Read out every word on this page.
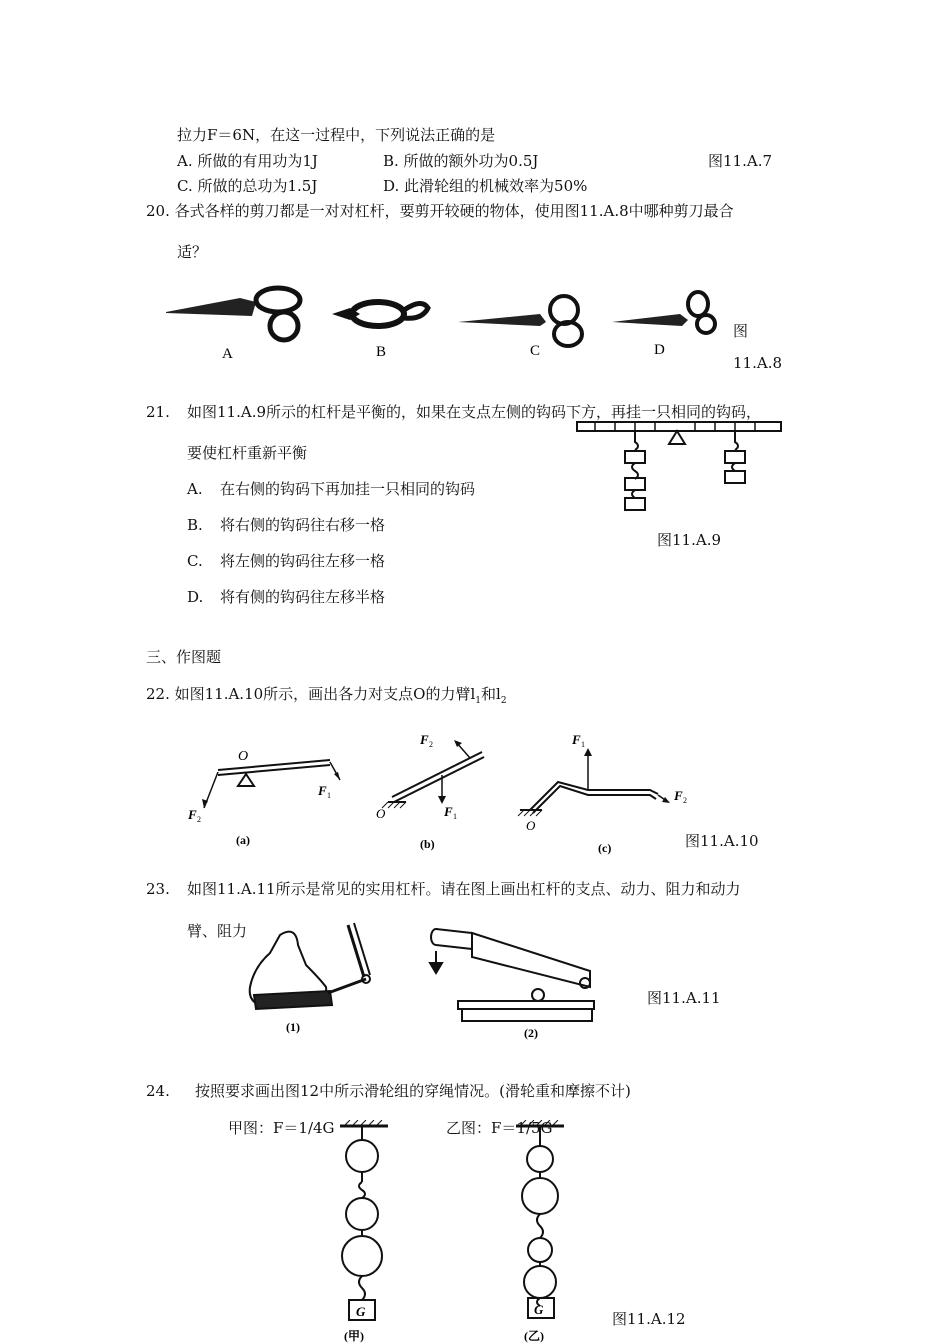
拉力F＝6N，在这一过程中，下列说法正确的是
A. 所做的有用功为1J	B. 所做的额外功为0.5J	图11.A.7
C. 所做的总功为1.5J	D. 此滑轮组的机械效率为50%
20. 各式各样的剪刀都是一对对杠杆，要剪开较硬的物体，使用图11.A.8中哪种剪刀最合
适？
A	B	C	D
图
11.A.8
21. 如图11.A.9所示的杠杆是平衡的，如果在支点左侧的钩码下方，再挂一只相同的钩码，
要使杠杆重新平衡
A. 在右侧的钩码下再加挂一只相同的钩码
B. 将右侧的钩码往右移一格
C. 将左侧的钩码往左移一格
D. 将有侧的钩码往左移半格
图11.A.9
三、作图题
22. 如图11.A.10所示，画出各力对支点O的力臂$l_1$和$l_2$
O
F 1
F 2
(a)
F 2
O	F 1
(b)
F 1
F 2
O
(c)	图11.A.10
23. 如图11.A.11所示是常见的实用杠杆。请在图上画出杠杆的支点、动力、阻力和动力
臂、阻力
(1)	(2)
图11.A.11
24. 按照要求画出图12中所示滑轮组的穿绳情况。(滑轮重和摩擦不计)
甲图：F＝1/4G	乙图：F＝1/5G
G
(甲)
G
(乙)
图11.A.12
